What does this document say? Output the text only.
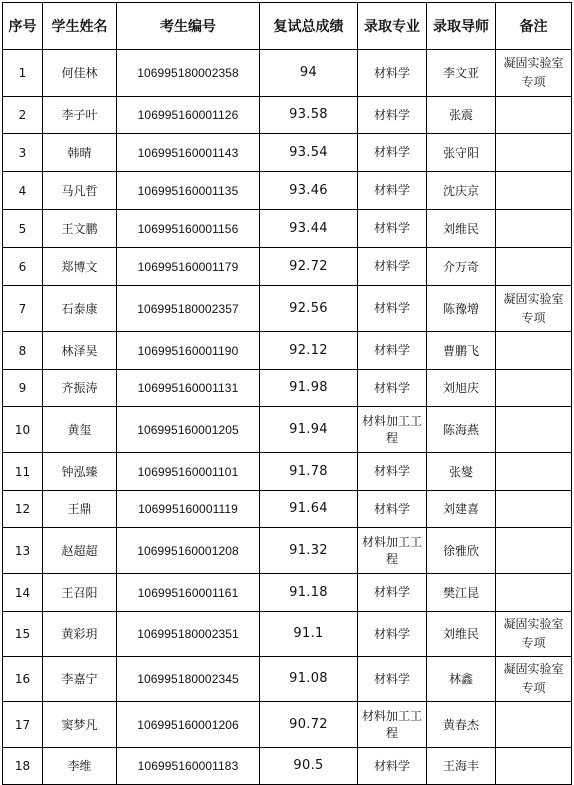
序号	学生姓名	考生编号	复试总成绩	录取专业	录取导师	备注
1	何佳林	106995180002358	94	材料学	李文亚	凝固实验室专项
2	李子叶	106995160001126	93.58	材料学	张震	
3	韩晴	106995160001143	93.54	材料学	张守阳	
4	马凡哲	106995160001135	93.46	材料学	沈庆京	
5	王文鹏	106995160001156	93.44	材料学	刘维民	
6	郑博文	106995160001179	92.72	材料学	介万奇	
7	石泰康	106995180002357	92.56	材料学	陈豫增	凝固实验室专项
8	林泽昊	106995160001190	92.12	材料学	曹鹏飞	
9	齐振涛	106995160001131	91.98	材料学	刘旭庆	
10	黄玺	106995160001205	91.94	材料加工工程	陈海燕	
11	钟泓臻	106995160001101	91.78	材料学	张燮	
12	王鼎	106995160001119	91.64	材料学	刘建喜	
13	赵超超	106995160001208	91.32	材料加工工程	徐雅欣	
14	王召阳	106995160001161	91.18	材料学	樊江昆	
15	黄彩玥	106995180002351	91.1	材料学	刘维民	凝固实验室专项
16	李嘉宁	106995180002345	91.08	材料学	林鑫	凝固实验室专项
17	窦梦凡	106995160001206	90.72	材料加工工程	黄春杰	
18	李维	106995160001183	90.5	材料学	王海丰	
